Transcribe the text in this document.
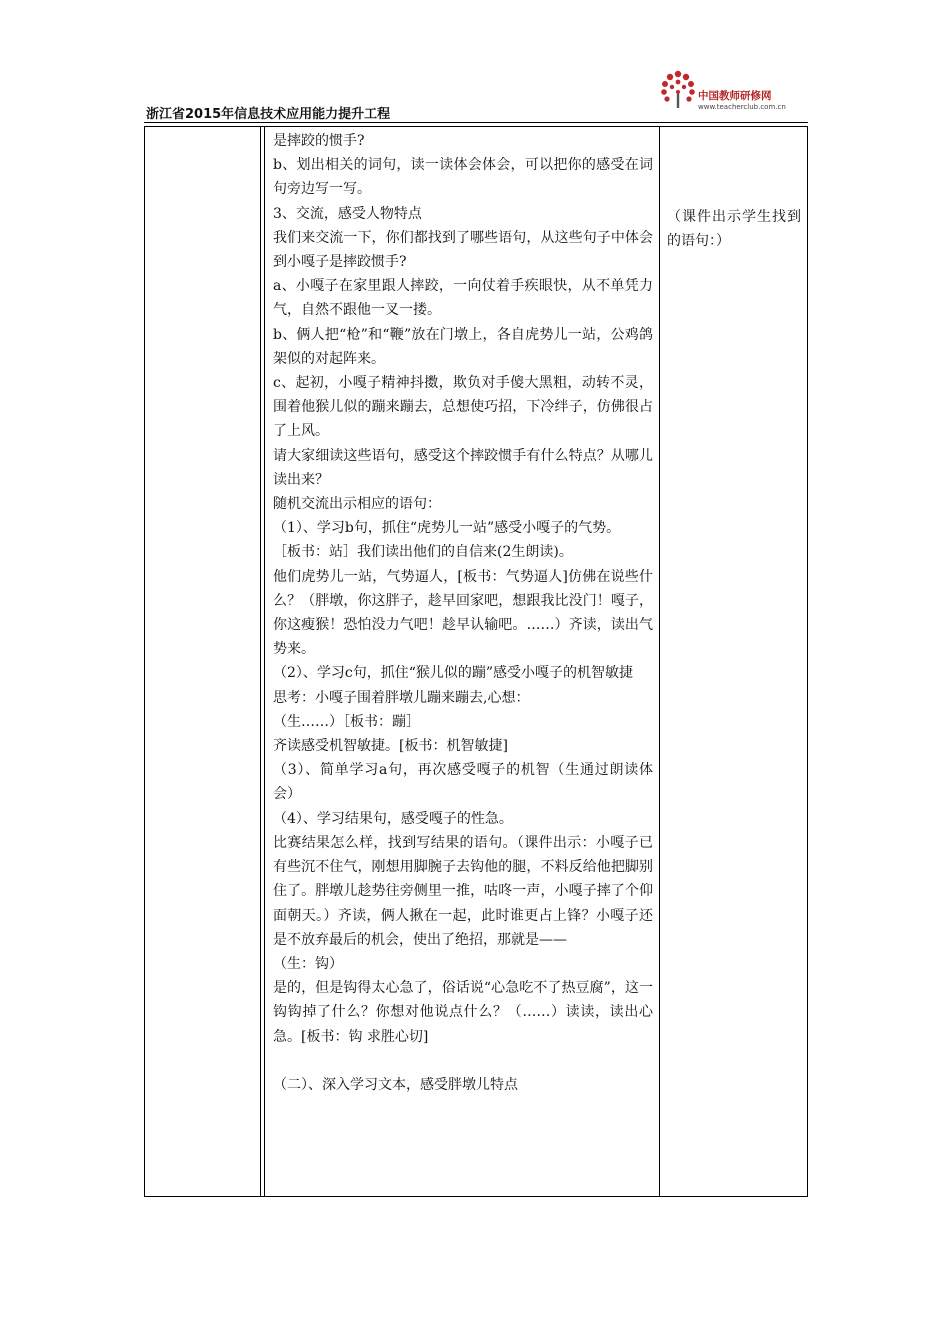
浙江省2015年信息技术应用能力提升工程
中国教师研修网
www.teacherclub.com.cn

是摔跤的惯手?

b、划出相关的词句，读一读体会体会，可以把你的感受在词句旁边写一写。

3、交流，感受人物特点

我们来交流一下，你们都找到了哪些语句，从这些句子中体会到小嘎子是摔跤惯手?

a、小嘎子在家里跟人摔跤，一向仗着手疾眼快，从不单凭力气，自然不跟他一叉一搂。

b、俩人把“枪”和“鞭”放在门墩上，各自虎势儿一站，公鸡鸽架似的对起阵来。

c、起初，小嘎子精神抖擞，欺负对手傻大黑粗，动转不灵，围着他猴儿似的蹦来蹦去，总想使巧招，下冷绊子，仿佛很占了上风。

请大家细读这些语句，感受这个摔跤惯手有什么特点？从哪儿读出来？

随机交流出示相应的语句：

（1）、学习b句，抓住“虎势儿一站”感受小嘎子的气势。

［板书：站］我们读出他们的自信来(2生朗读)。

他们虎势儿一站，气势逼人，[板书：气势逼人]仿佛在说些什么？（胖墩，你这胖子，趁早回家吧，想跟我比没门！嘎子，你这瘦猴！恐怕没力气吧！趁早认输吧。……）齐读，读出气势来。

（2）、学习c句，抓住“猴儿似的蹦”感受小嘎子的机智敏捷

思考：小嘎子围着胖墩儿蹦来蹦去,心想：

（生……）［板书：蹦］

齐读感受机智敏捷。[板书：机智敏捷]

（3）、简单学习a句，再次感受嘎子的机智（生通过朗读体会）

（4）、学习结果句，感受嘎子的性急。

比赛结果怎么样，找到写结果的语句。（课件出示：小嘎子已有些沉不住气，刚想用脚腕子去钩他的腿，不料反给他把脚别住了。胖墩儿趁势往旁侧里一推，咕咚一声，小嘎子摔了个仰面朝天。）齐读，俩人揪在一起，此时谁更占上锋？小嘎子还是不放弃最后的机会，使出了绝招，那就是——

（生：钩）

是的，但是钩得太心急了，俗话说“心急吃不了热豆腐”，这一钩钩掉了什么？你想对他说点什么？（……）读读，读出心急。[板书：钩 求胜心切]

（二）、深入学习文本，感受胖墩儿特点

（课件出示学生找到的语句：）
